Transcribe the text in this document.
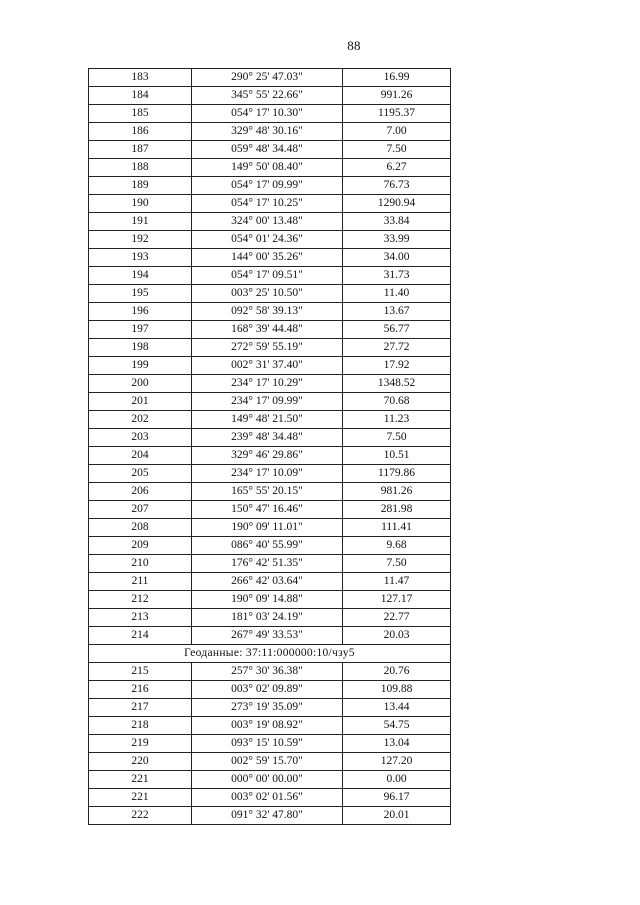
88
183	290° 25' 47.03"	16.99
184	345° 55' 22.66"	991.26
185	054° 17' 10.30"	1195.37
186	329° 48' 30.16"	7.00
187	059° 48' 34.48"	7.50
188	149° 50' 08.40"	6.27
189	054° 17' 09.99"	76.73
190	054° 17' 10.25"	1290.94
191	324° 00' 13.48"	33.84
192	054° 01' 24.36"	33.99
193	144° 00' 35.26"	34.00
194	054° 17' 09.51"	31.73
195	003° 25' 10.50"	11.40
196	092° 58' 39.13"	13.67
197	168° 39' 44.48"	56.77
198	272° 59' 55.19"	27.72
199	002° 31' 37.40"	17.92
200	234° 17' 10.29"	1348.52
201	234° 17' 09.99"	70.68
202	149° 48' 21.50"	11.23
203	239° 48' 34.48"	7.50
204	329° 46' 29.86"	10.51
205	234° 17' 10.09"	1179.86
206	165° 55' 20.15"	981.26
207	150° 47' 16.46"	281.98
208	190° 09' 11.01"	111.41
209	086° 40' 55.99"	9.68
210	176° 42' 51.35"	7.50
211	266° 42' 03.64"	11.47
212	190° 09' 14.88"	127.17
213	181° 03' 24.19"	22.77
214	267° 49' 33.53"	20.03
Геоданные: 37:11:000000:10/чзу5		
215	257° 30' 36.38"	20.76
216	003° 02' 09.89"	109.88
217	273° 19' 35.09"	13.44
218	003° 19' 08.92"	54.75
219	093° 15' 10.59"	13.04
220	002° 59' 15.70"	127.20
221	000° 00' 00.00"	0.00
221	003° 02' 01.56"	96.17
222	091° 32' 47.80"	20.01
